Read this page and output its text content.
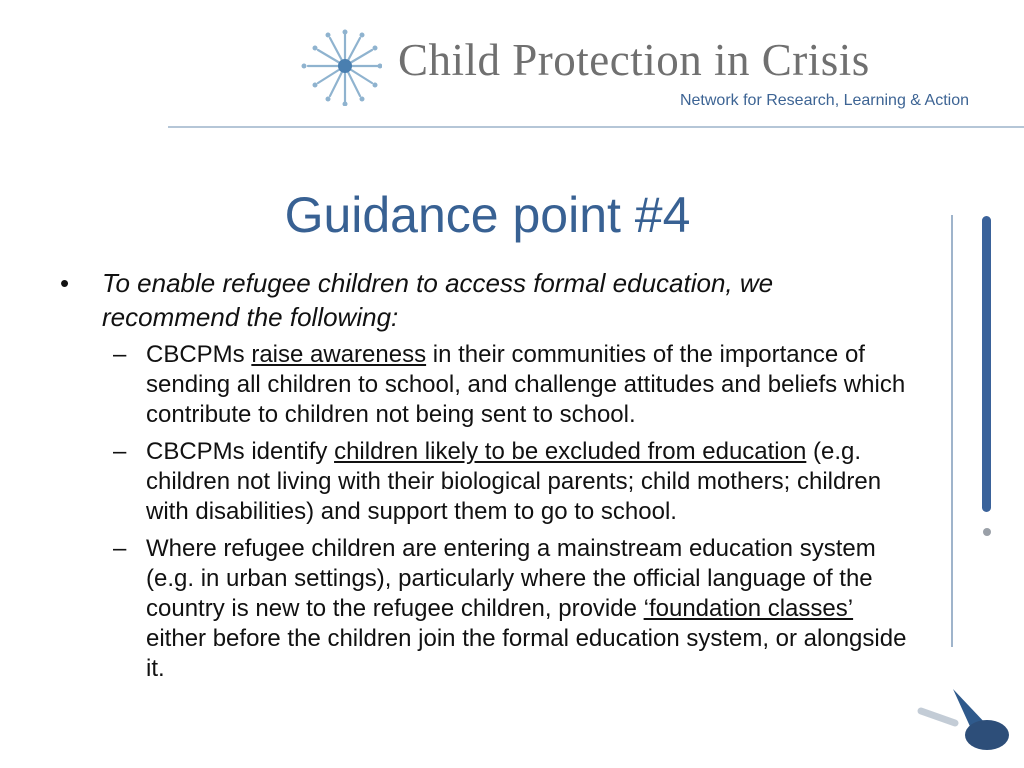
Child Protection in Crisis
Network for Research, Learning & Action
Guidance point #4
•	To enable refugee children to access formal education, we recommend the following:
– CBCPMs raise awareness in their communities of the importance of sending all children to school, and challenge attitudes and beliefs which contribute to children not being sent to school.
– CBCPMs identify children likely to be excluded from education (e.g. children not living with their biological parents; child mothers; children with disabilities) and support them to go to school.
– Where refugee children are entering a mainstream education system (e.g. in urban settings), particularly where the official language of the country is new to the refugee children, provide ‘foundation classes’ either before the children join the formal education system, or alongside it.
